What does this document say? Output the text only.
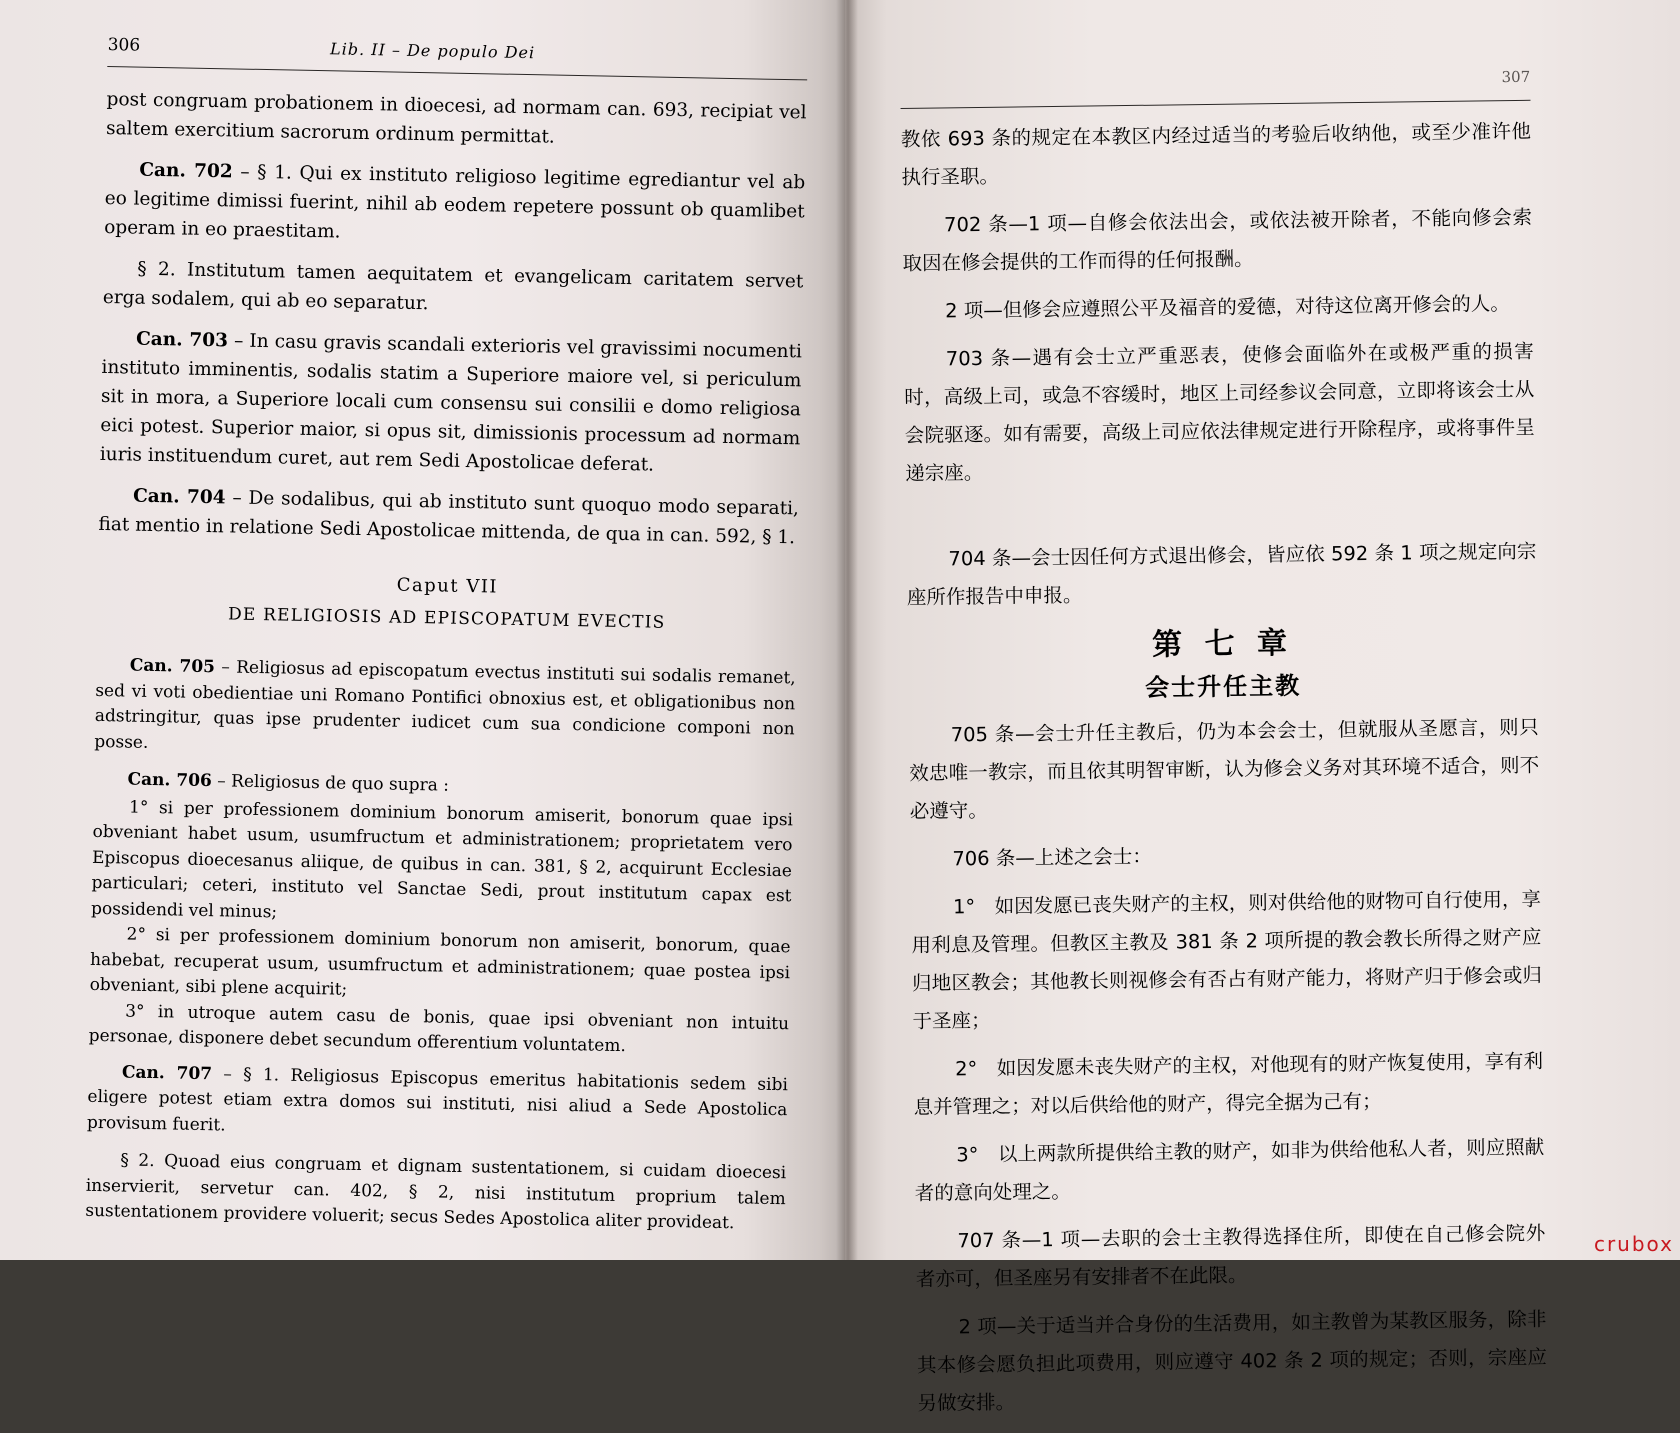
306	Lib. II – De populo Dei

post congruam probationem in dioecesi, ad normam can. 693, recipiat vel saltem exercitium sacrorum ordinum permittat.

Can. 702 – § 1. Qui ex instituto religioso legitime egrediantur vel ab eo legitime dimissi fuerint, nihil ab eodem repetere possunt ob quamlibet operam in eo praestitam.

§ 2. Institutum tamen aequitatem et evangelicam caritatem servet erga sodalem, qui ab eo separatur.

Can. 703 – In casu gravis scandali exterioris vel gravissimi nocumenti instituto imminentis, sodalis statim a Superiore maiore vel, si periculum sit in mora, a Superiore locali cum consensu sui consilii e domo religiosa eici potest. Superior maior, si opus sit, dimissionis processum ad normam iuris instituendum curet, aut rem Sedi Apostolicae deferat.

Can. 704 – De sodalibus, qui ab instituto sunt quoquo modo separati, fiat mentio in relatione Sedi Apostolicae mittenda, de qua in can. 592, § 1.

Caput VII
DE RELIGIOSIS AD EPISCOPATUM EVECTIS

Can. 705 – Religiosus ad episcopatum evectus instituti sui sodalis remanet, sed vi voti obedientiae uni Romano Pontifici obnoxius est, et obligationibus non adstringitur, quas ipse prudenter iudicet cum sua condicione componi non posse.

Can. 706 – Religiosus de quo supra :

1° si per professionem dominium bonorum amiserit, bonorum quae ipsi obveniant habet usum, usumfructum et administrationem; proprietatem vero Episcopus dioecesanus aliique, de quibus in can. 381, § 2, acquirunt Ecclesiae particulari; ceteri, instituto vel Sanctae Sedi, prout institutum capax est possidendi vel minus;

2° si per professionem dominium bonorum non amiserit, bonorum, quae habebat, recuperat usum, usumfructum et administrationem; quae postea ipsi obveniant, sibi plene acquirit;

3° in utroque autem casu de bonis, quae ipsi obveniant non intuitu personae, disponere debet secundum offerentium voluntatem.

Can. 707 – § 1. Religiosus Episcopus emeritus habitationis sedem sibi eligere potest etiam extra domos sui instituti, nisi aliud a Sede Apostolica provisum fuerit.

§ 2. Quoad eius congruam et dignam sustentationem, si cuidam dioecesi inservierit, servetur can. 402, § 2, nisi institutum proprium talem sustentationem providere voluerit; secus Sedes Apostolica aliter provideat.

307

教依 693 条的规定在本教区内经过适当的考验后收纳他，或至少准许他执行圣职。

702 条—1 项—自修会依法出会，或依法被开除者，不能向修会索取因在修会提供的工作而得的任何报酬。

2 项—但修会应遵照公平及福音的爱德，对待这位离开修会的人。

703 条—遇有会士立严重恶表，使修会面临外在或极严重的损害时，高级上司，或急不容缓时，地区上司经参议会同意，立即将该会士从会院驱逐。如有需要，高级上司应依法律规定进行开除程序，或将事件呈递宗座。

704 条—会士因任何方式退出修会，皆应依 592 条 1 项之规定向宗座所作报告中申报。

第 七 章
会士升任主教

705 条—会士升任主教后，仍为本会会士，但就服从圣愿言，则只效忠唯一教宗，而且依其明智审断，认为修会义务对其环境不适合，则不必遵守。

706 条—上述之会士：

1°　如因发愿已丧失财产的主权，则对供给他的财物可自行使用，享用利息及管理。但教区主教及 381 条 2 项所提的教会教长所得之财产应归地区教会；其他教长则视修会有否占有财产能力，将财产归于修会或归于圣座；

2°　如因发愿未丧失财产的主权，对他现有的财产恢复使用，享有利息并管理之；对以后供给他的财产，得完全据为己有；

3°　以上两款所提供给主教的财产，如非为供给他私人者，则应照献者的意向处理之。

707 条—1 项—去职的会士主教得选择住所，即使在自己修会院外者亦可，但圣座另有安排者不在此限。

2 项—关于适当并合身份的生活费用，如主教曾为某教区服务，除非其本修会愿负担此项费用，则应遵守 402 条 2 项的规定；否则，宗座应另做安排。

crubox
